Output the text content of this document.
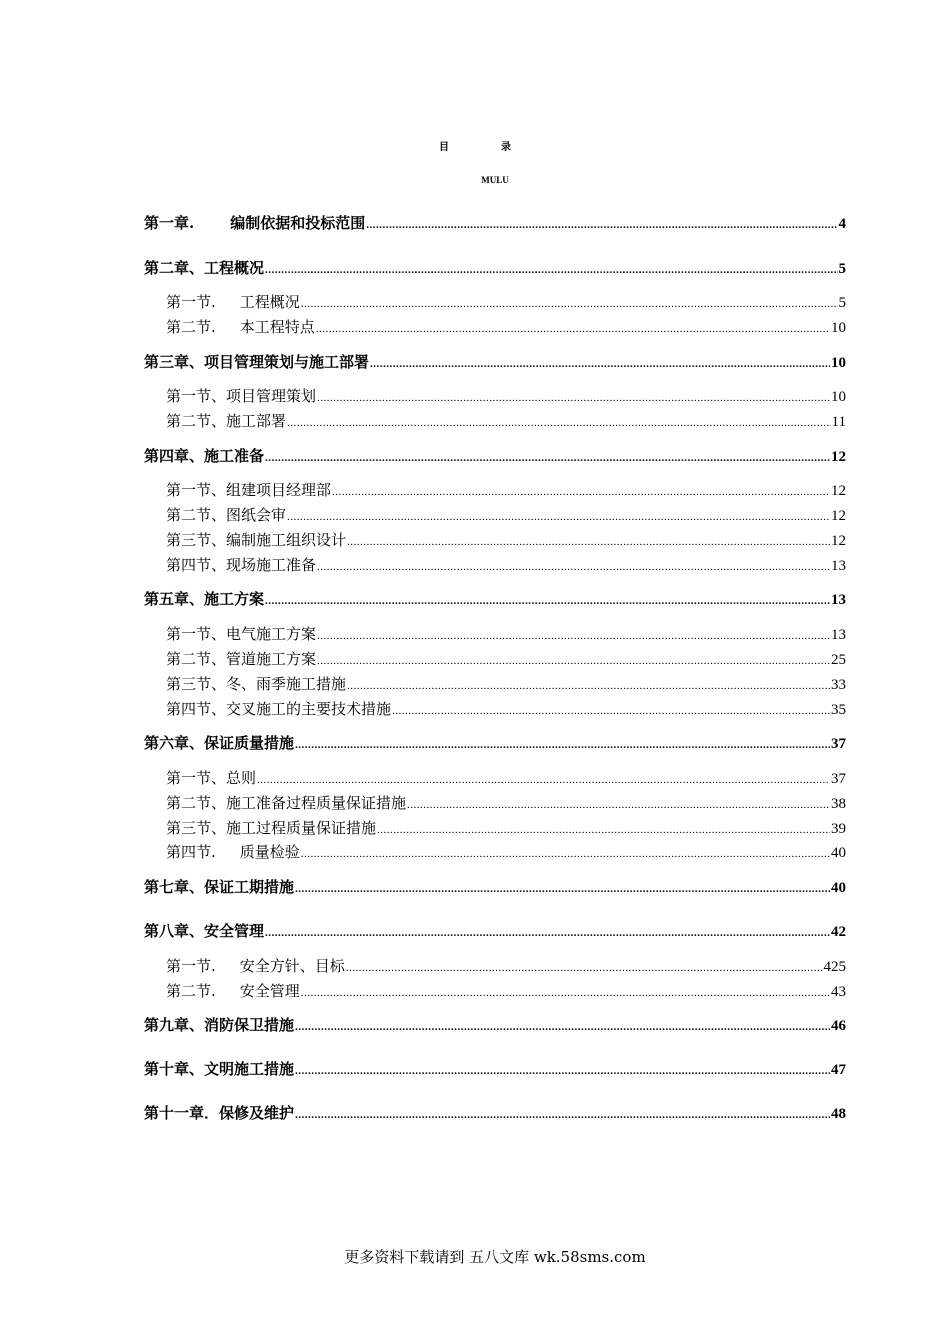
目	录
MULU
第一章. 编制依据和投标范围 .....	4
第二章、工程概况 .....	5
第一节. 工程概况 .....	5
第二节. 本工程特点 .....	10
第三章、项目管理策划与施工部署 .....	10
第一节、项目管理策划 .....	10
第二节、施工部署 .....	11
第四章、施工准备 .....	12
第一节、组建项目经理部 .....	12
第二节、图纸会审 .....	12
第三节、编制施工组织设计 .....	12
第四节、现场施工准备 .....	13
第五章、施工方案 .....	13
第一节、电气施工方案 .....	13
第二节、管道施工方案 .....	25
第三节、冬、雨季施工措施 .....	33
第四节、交叉施工的主要技术措施 .....	35
第六章、保证质量措施 .....	37
第一节、总则 .....	37
第二节、施工准备过程质量保证措施 .....	38
第三节、施工过程质量保证措施 .....	39
第四节. 质量检验 .....	40
第七章、保证工期措施 .....	40
第八章、安全管理 .....	42
第一节. 安全方针、目标 .....	425
第二节. 安全管理 .....	43
第九章、消防保卫措施 .....	46
第十章、文明施工措施 .....	47
第十一章．保修及维护 .....	48
更多资料下载请到 五八文库 wk.58sms.com
